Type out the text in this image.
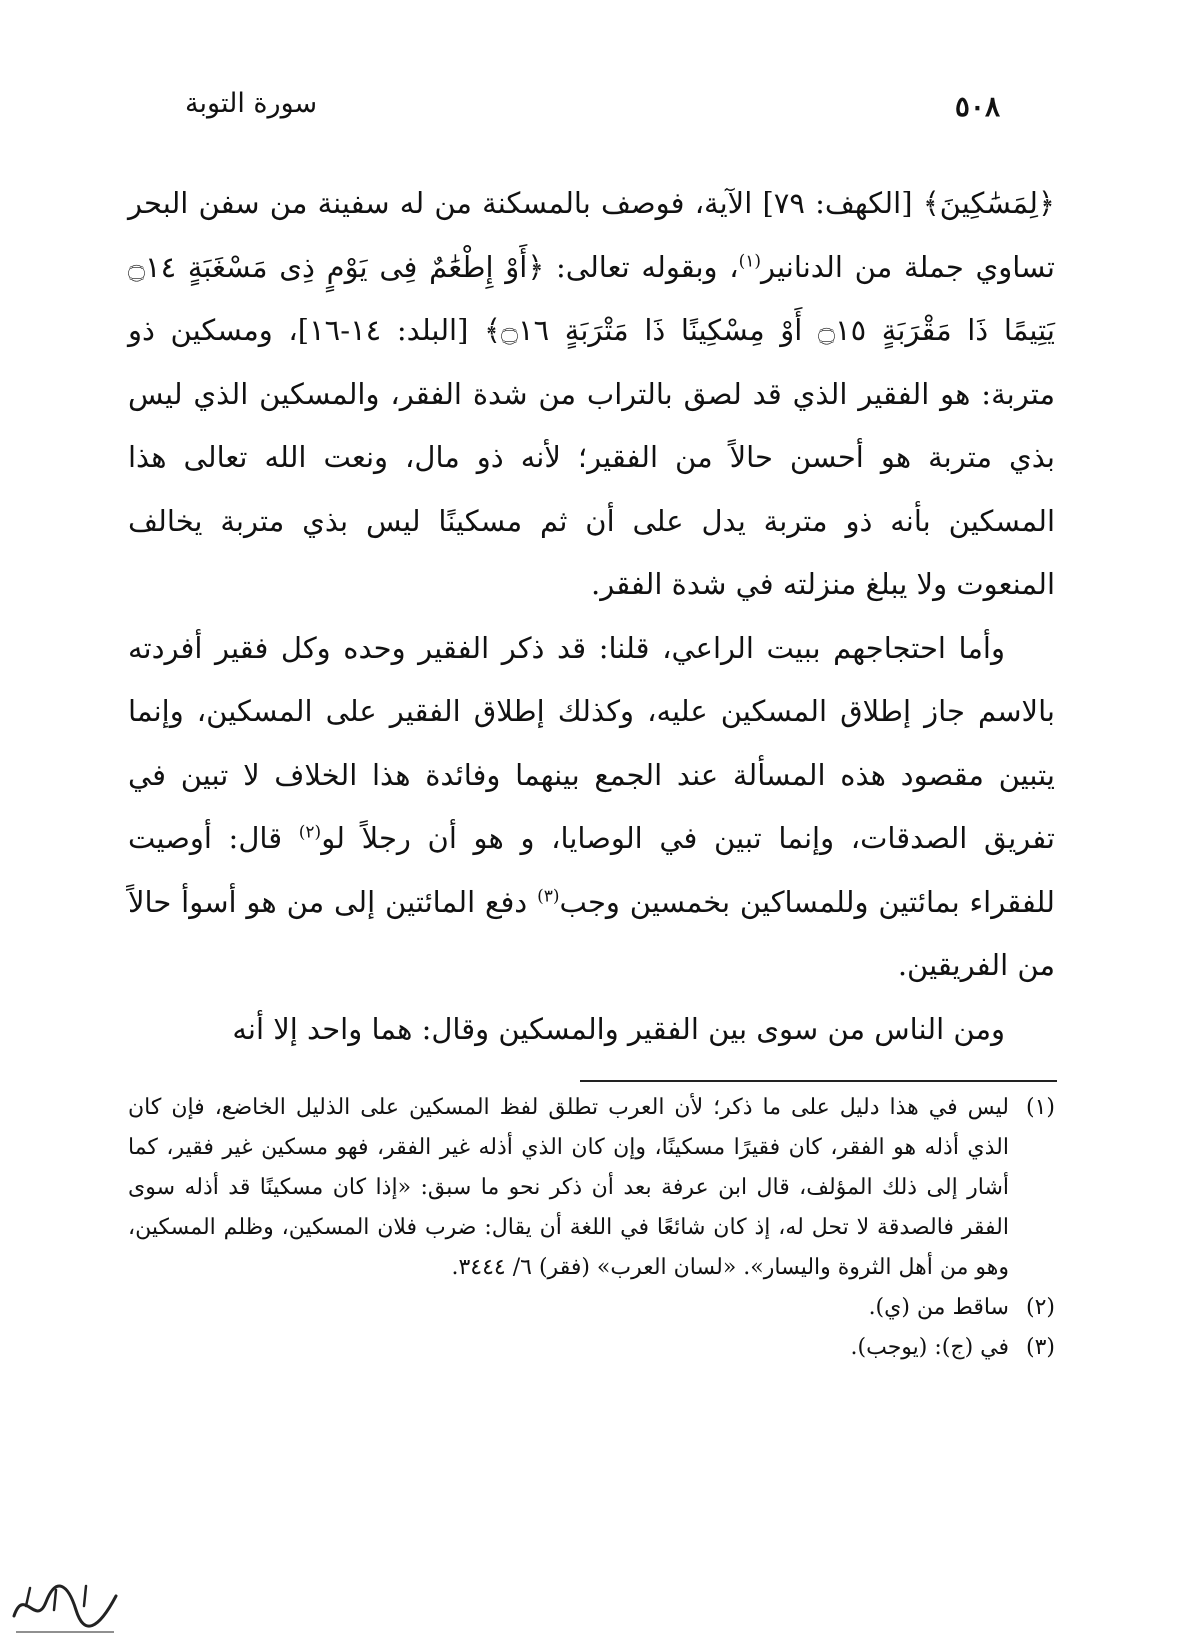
سورة التوبة	٥٠٨

﴿لِمَسَٰكِينَ﴾ [الكهف: ٧٩] الآية، فوصف بالمسكنة من له سفينة من سفن البحر تساوي جملة من الدنانير$^{(١)}$، وبقوله تعالى: ﴿أَوْ إِطْعَٰمٌ فِى يَوْمٍ ذِى مَسْغَبَةٍ ۝١٤ يَتِيمًا ذَا مَقْرَبَةٍ ۝١٥ أَوْ مِسْكِينًا ذَا مَتْرَبَةٍ ۝١٦﴾ [البلد: ١٤-١٦]، ومسكين ذو متربة: هو الفقير الذي قد لصق بالتراب من شدة الفقر، والمسكين الذي ليس بذي متربة هو أحسن حالاً من الفقير؛ لأنه ذو مال، ونعت الله تعالى هذا المسكين بأنه ذو متربة يدل على أن ثم مسكينًا ليس بذي متربة يخالف المنعوت ولا يبلغ منزلته في شدة الفقر.

وأما احتجاجهم ببيت الراعي، قلنا: قد ذكر الفقير وحده وكل فقير أفردته بالاسم جاز إطلاق المسكين عليه، وكذلك إطلاق الفقير على المسكين، وإنما يتبين مقصود هذه المسألة عند الجمع بينهما وفائدة هذا الخلاف لا تبين في تفريق الصدقات، وإنما تبين في الوصايا، و هو أن رجلاً لو$^{(٢)}$ قال: أوصيت للفقراء بمائتين وللمساكين بخمسين وجب$^{(٣)}$ دفع المائتين إلى من هو أسوأ حالاً من الفريقين.

ومن الناس من سوى بين الفقير والمسكين وقال: هما واحد إلا أنه

(١)
ليس في هذا دليل على ما ذكر؛ لأن العرب تطلق لفظ المسكين على الذليل الخاضع، فإن كان الذي أذله هو الفقر، كان فقيرًا مسكينًا، وإن كان الذي أذله غير الفقر، فهو مسكين غير فقير، كما أشار إلى ذلك المؤلف، قال ابن عرفة بعد أن ذكر نحو ما سبق: «إذا كان مسكينًا قد أذله سوى الفقر فالصدقة لا تحل له، إذ كان شائعًا في اللغة أن يقال: ضرب فلان المسكين، وظلم المسكين، وهو من أهل الثروة واليسار». «لسان العرب» (فقر) ٦/ ٣٤٤٤.
(٢)
ساقط من (ي).
(٣)
في (ج): (يوجب).
